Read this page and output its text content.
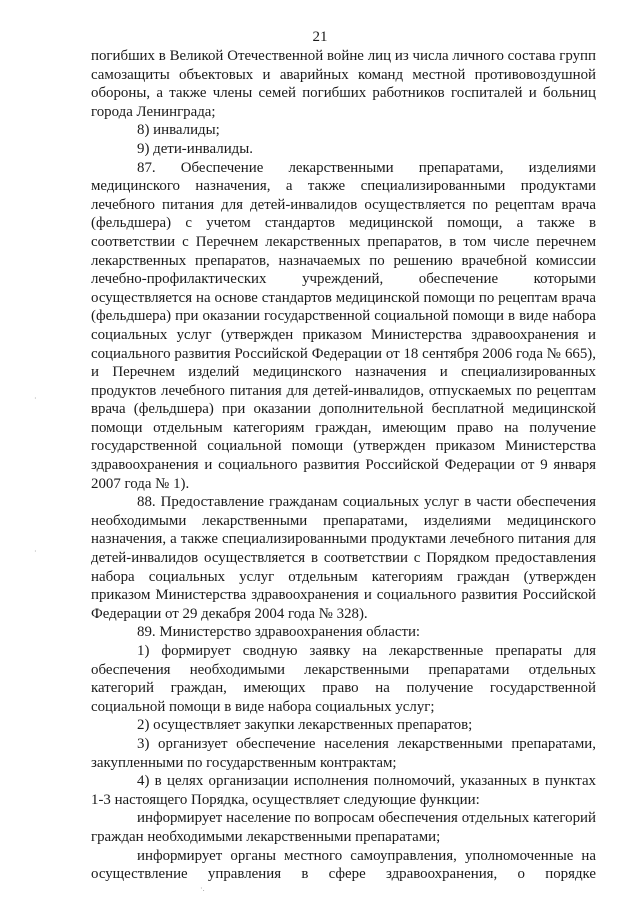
21

погибших в Великой Отечественной войне лиц из числа личного состава групп самозащиты объектовых и аварийных команд местной противовоздушной обороны, а также члены семей погибших работников госпиталей и больниц города Ленинграда;

8) инвалиды;

9) дети-инвалиды.

87. Обеспечение лекарственными препаратами, изделиями медицинского назначения, а также специализированными продуктами лечебного питания для детей-инвалидов осуществляется по рецептам врача (фельдшера) с учетом стандартов медицинской помощи, а также в соответствии с Перечнем лекарственных препаратов, в том числе перечнем лекарственных препаратов, назначаемых по решению врачебной комиссии лечебно-профилактических учреждений, обеспечение которыми осуществляется на основе стандартов медицинской помощи по рецептам врача (фельдшера) при оказании государственной социальной помощи в виде набора социальных услуг (утвержден приказом Министерства здравоохранения и социального развития Российской Федерации от 18 сентября 2006 года № 665), и Перечнем изделий медицинского назначения и специализированных продуктов лечебного питания для детей-инвалидов, отпускаемых по рецептам врача (фельдшера) при оказании дополнительной бесплатной медицинской помощи отдельным категориям граждан, имеющим право на получение государственной социальной помощи (утвержден приказом Министерства здравоохранения и социального развития Российской Федерации от 9 января 2007 года № 1).

88. Предоставление гражданам социальных услуг в части обеспечения необходимыми лекарственными препаратами, изделиями медицинского назначения, а также специализированными продуктами лечебного питания для детей-инвалидов осуществляется в соответствии с Порядком предоставления набора социальных услуг отдельным категориям граждан (утвержден приказом Министерства здравоохранения и социального развития Российской Федерации от 29 декабря 2004 года № 328).

89. Министерство здравоохранения области:

1) формирует сводную заявку на лекарственные препараты для обеспечения необходимыми лекарственными препаратами отдельных категорий граждан, имеющих право на получение государственной социальной помощи в виде набора социальных услуг;

2) осуществляет закупки лекарственных препаратов;

3) организует обеспечение населения лекарственными препаратами, закупленными по государственным контрактам;

4) в целях организации исполнения полномочий, указанных в пунктах 1-3 настоящего Порядка, осуществляет следующие функции:

информирует население по вопросам обеспечения отдельных категорий граждан необходимыми лекарственными препаратами;

информирует органы местного самоуправления, уполномоченные на осуществление управления в сфере здравоохранения, о порядке

·
·
·.
